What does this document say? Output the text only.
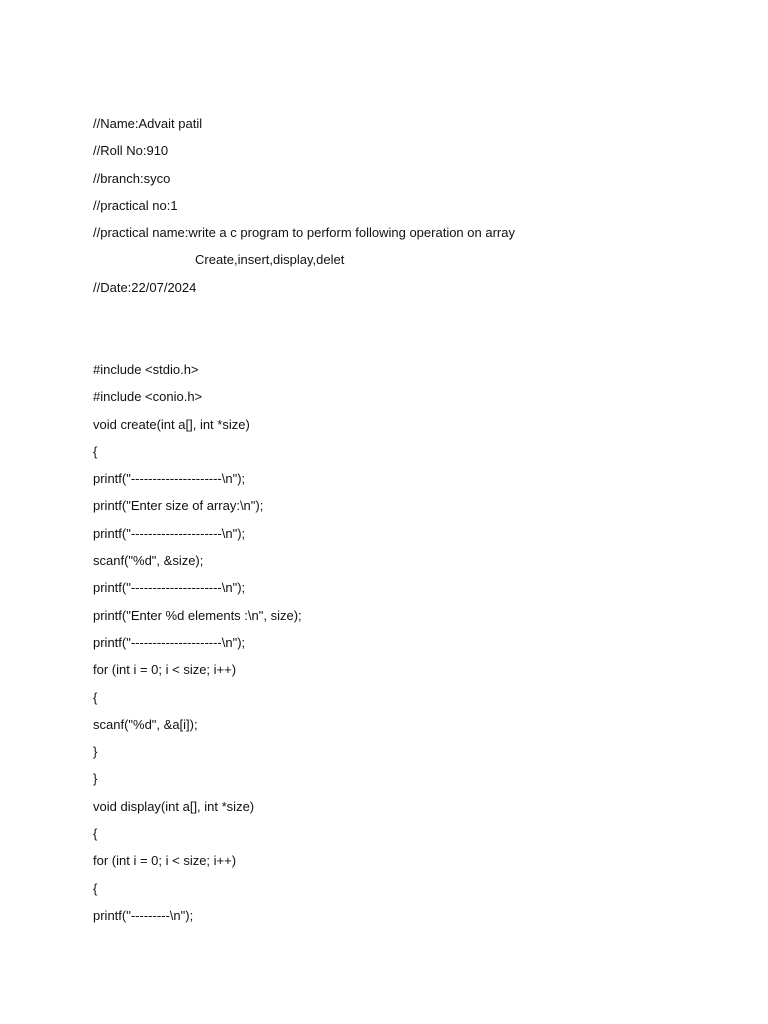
//Name:Advait patil
//Roll No:910
//branch:syco
//practical no:1
//practical name:write a c program to perform following operation on array
Create,insert,display,delet
//Date:22/07/2024
#include <stdio.h>
#include <conio.h>
void create(int a[], int *size)
{
printf("---------------------\n");
printf("Enter size of array:\n");
printf("---------------------\n");
scanf("%d", &size);
printf("---------------------\n");
printf("Enter %d elements :\n", size);
printf("---------------------\n");
for (int i = 0; i < size; i++)
{
scanf("%d", &a[i]);
}
}
void display(int a[], int *size)
{
for (int i = 0; i < size; i++)
{
printf("---------\n");
